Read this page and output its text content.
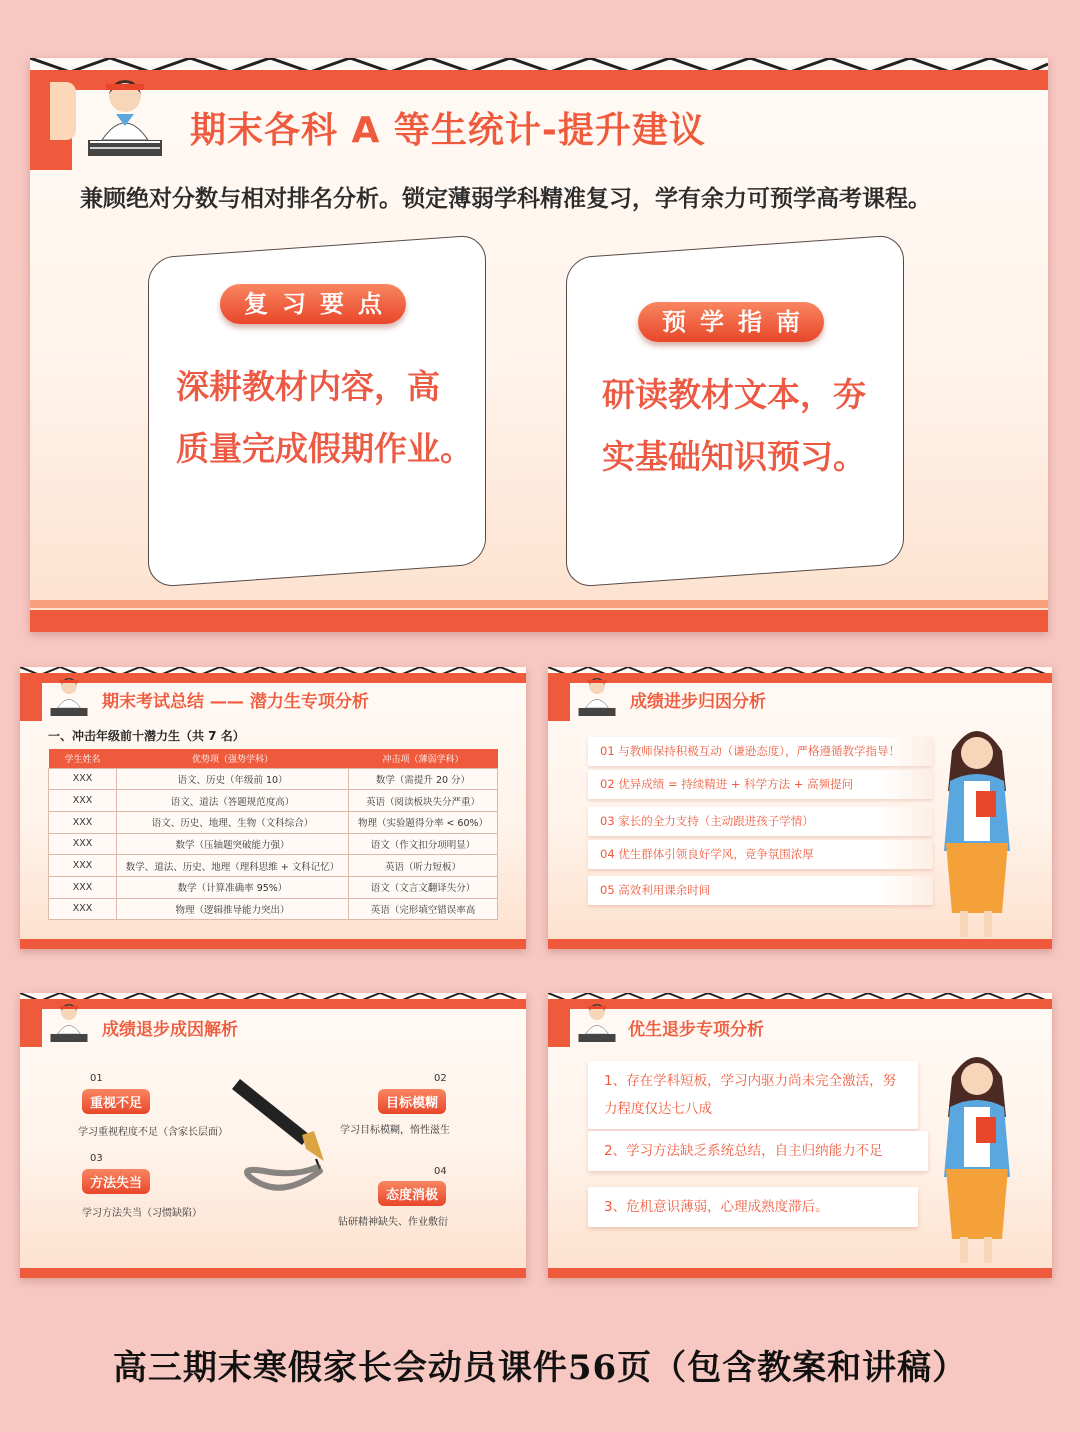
期末各科 A 等生统计-提升建议
兼顾绝对分数与相对排名分析。锁定薄弱学科精准复习，学有余力可预学高考课程。
复习要点
深耕教材内容，高
质量完成假期作业。
预学指南
研读教材文本，夯
实基础知识预习。
期末考试总结 —— 潜力生专项分析
一、冲击年级前十潜力生（共 7 名）
学生姓名	优势项（强势学科）	冲击项（薄弱学科）
XXX	语文、历史（年级前 10）	数学（需提升 20 分）
XXX	语文、道法（答题规范度高）	英语（阅读板块失分严重）
XXX	语文、历史、地理、生物（文科综合）	物理（实验题得分率 < 60%）
XXX	数学（压轴题突破能力强）	语文（作文扣分项明显）
XXX	数学、道法、历史、地理（理科思维 + 文科记忆）	英语（听力短板）
XXX	数学（计算准确率 95%）	语文（文言文翻译失分）
XXX	物理（逻辑推导能力突出）	英语（完形填空错误率高
成绩进步归因分析
01 与教师保持积极互动（谦逊态度），严格遵循教学指导！
02 优异成绩 = 持续精进 + 科学方法 + 高频提问
03 家长的全力支持（主动跟进孩子学情）
04 优生群体引领良好学风，竞争氛围浓厚
05 高效利用课余时间
成绩退步成因解析
01
重视不足
学习重视程度不足（含家长层面）
02
目标模糊
学习目标模糊，惰性滋生
03
方法失当
学习方法失当（习惯缺陷）
04
态度消极
钻研精神缺失、作业敷衍
优生退步专项分析
1、存在学科短板，学习内驱力尚未完全激活，努力程度仅达七八成
2、学习方法缺乏系统总结，自主归纳能力不足
3、危机意识薄弱，心理成熟度滞后。
高三期末寒假家长会动员课件56页（包含教案和讲稿）
